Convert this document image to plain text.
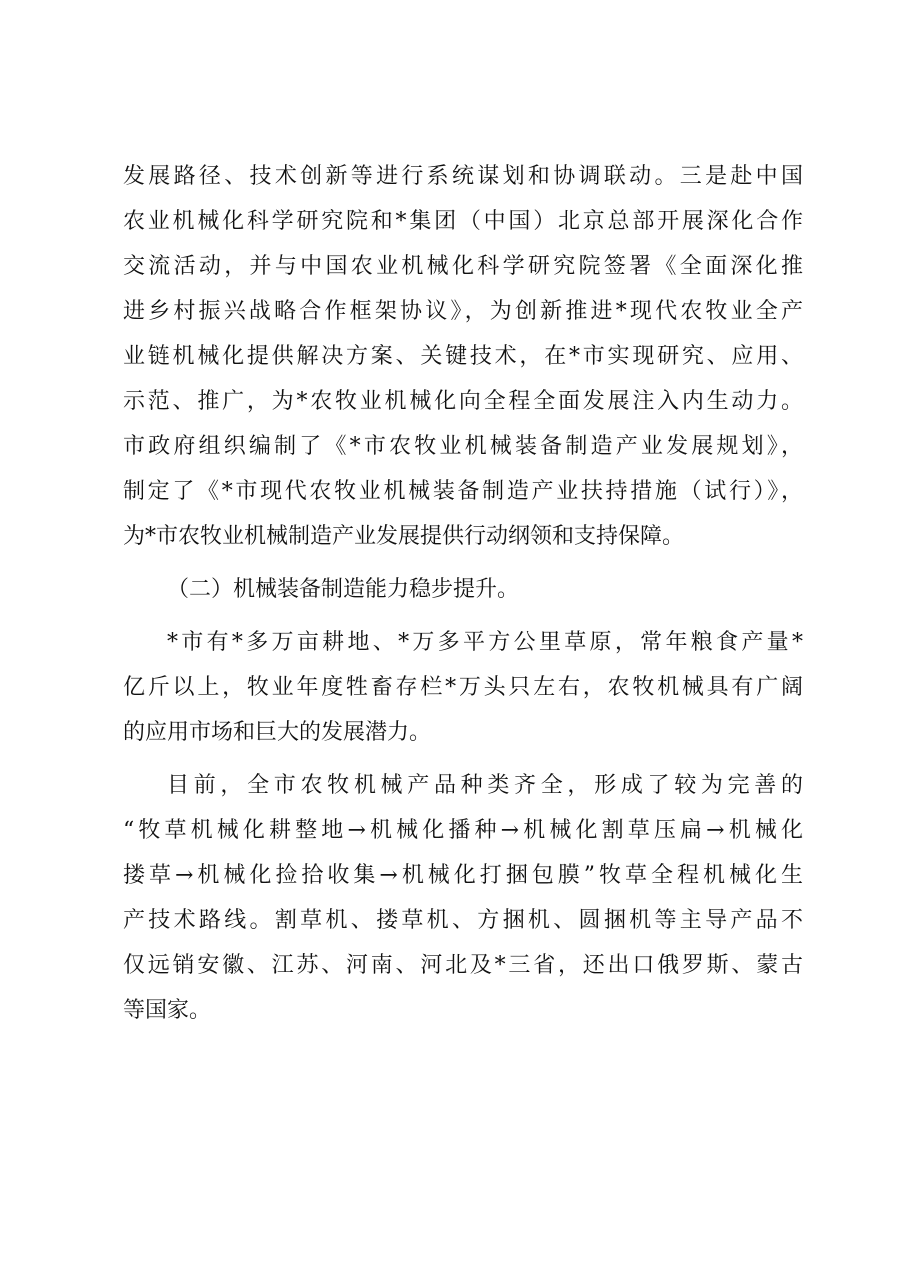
发展路径、技术创新等进行系统谋划和协调联动。三是赴中国
农业机械化科学研究院和*集团（中国）北京总部开展深化合作
交流活动，并与中国农业机械化科学研究院签署《全面深化推
进乡村振兴战略合作框架协议》，为创新推进*现代农牧业全产
业链机械化提供解决方案、关键技术，在*市实现研究、应用、
示范、推广，为*农牧业机械化向全程全面发展注入内生动力。
市政府组织编制了《*市农牧业机械装备制造产业发展规划》，
制定了《*市现代农牧业机械装备制造产业扶持措施（试行）》，
为*市农牧业机械制造产业发展提供行动纲领和支持保障。
（二）机械装备制造能力稳步提升。
*市有*多万亩耕地、*万多平方公里草原，常年粮食产量*
亿斤以上，牧业年度牲畜存栏*万头只左右，农牧机械具有广阔
的应用市场和巨大的发展潜力。
目前，全市农牧机械产品种类齐全，形成了较为完善的
“牧草机械化耕整地→机械化播种→机械化割草压扁→机械化
搂草→机械化捡拾收集→机械化打捆包膜”牧草全程机械化生
产技术路线。割草机、搂草机、方捆机、圆捆机等主导产品不
仅远销安徽、江苏、河南、河北及*三省，还出口俄罗斯、蒙古
等国家。
